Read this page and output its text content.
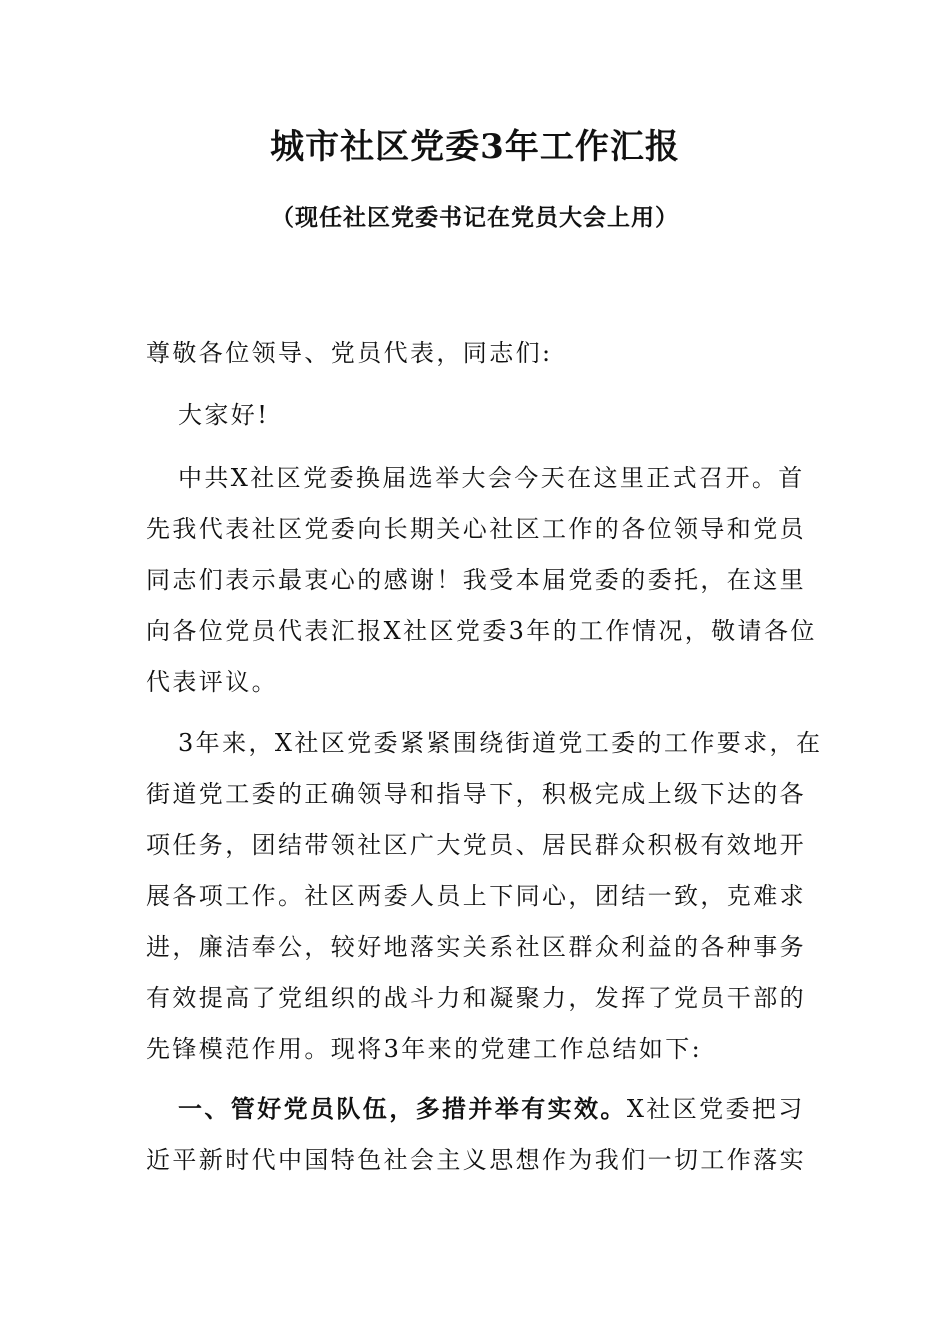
城市社区党委3年工作汇报
（现任社区党委书记在党员大会上用）
尊敬各位领导、党员代表，同志们:
大家好!
中共X社区党委换届选举大会今天在这里正式召开。首
先我代表社区党委向长期关心社区工作的各位领导和党员
同志们表示最衷心的感谢！我受本届党委的委托，在这里
向各位党员代表汇报X社区党委3年的工作情况，敬请各位
代表评议。
3年来，X社区党委紧紧围绕街道党工委的工作要求，在
街道党工委的正确领导和指导下，积极完成上级下达的各
项任务，团结带领社区广大党员、居民群众积极有效地开
展各项工作。社区两委人员上下同心，团结一致，克难求
进，廉洁奉公，较好地落实关系社区群众利益的各种事务
有效提高了党组织的战斗力和凝聚力，发挥了党员干部的
先锋模范作用。现将3年来的党建工作总结如下:
一、管好党员队伍，多措并举有实效。X社区党委把习
近平新时代中国特色社会主义思想作为我们一切工作落实
